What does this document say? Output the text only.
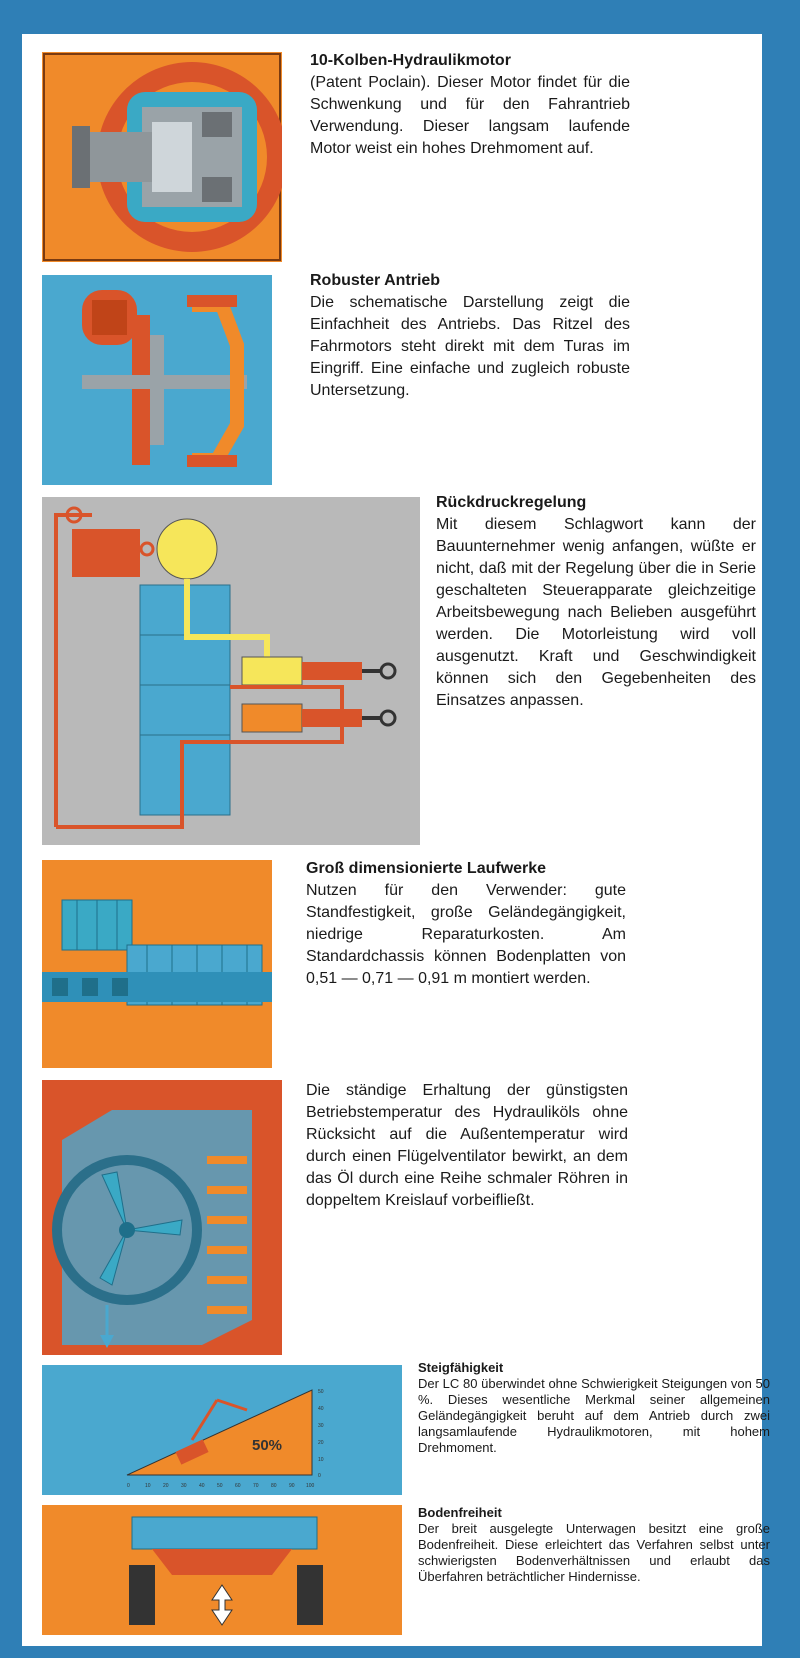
10-Kolben-Hydraulikmotor
(Patent Poclain). Dieser Motor findet für die Schwenkung und für den Fahrantrieb Verwendung. Dieser langsam laufende Motor weist ein hohes Drehmoment auf.
Robuster Antrieb
Die schematische Darstellung zeigt die Einfachheit des Antriebs. Das Ritzel des Fahrmotors steht direkt mit dem Turas im Eingriff. Eine einfache und zugleich robuste Untersetzung.
Rückdruckregelung
Mit diesem Schlagwort kann der Bauunternehmer wenig anfangen, wüßte er nicht, daß mit der Regelung über die in Serie geschalteten Steuerapparate gleichzeitige Arbeitsbewegung nach Belieben ausgeführt werden. Die Motorleistung wird voll ausgenutzt. Kraft und Geschwindigkeit können sich den Gegebenheiten des Einsatzes anpassen.
Groß dimensionierte Laufwerke
Nutzen für den Verwender: gute Standfestigkeit, große Geländegängigkeit, niedrige Reparaturkosten. Am Standardchassis können Bodenplatten von 0,51 — 0,71 — 0,91 m montiert werden.
Die ständige Erhaltung der günstigsten Betriebstemperatur des Hydrauliköls ohne Rücksicht auf die Außentemperatur wird durch einen Flügelventilator bewirkt, an dem das Öl durch eine Reihe schmaler Röhren in doppeltem Kreislauf vorbeifließt.
50%
0	10 20 30 40 50 60 70 80 90 100
50
40
30
20
10
0
Steigfähigkeit
Der LC 80 überwindet ohne Schwierigkeit Steigungen von 50 %. Dieses wesentliche Merkmal seiner allgemeinen Geländegängigkeit beruht auf dem Antrieb durch zwei langsamlaufende Hydraulikmotoren, mit hohem Drehmoment.
Bodenfreiheit
Der breit ausgelegte Unterwagen besitzt eine große Bodenfreiheit. Diese erleichtert das Verfahren selbst unter schwierigsten Bodenverhältnissen und erlaubt das Überfahren beträchtlicher Hindernisse.
